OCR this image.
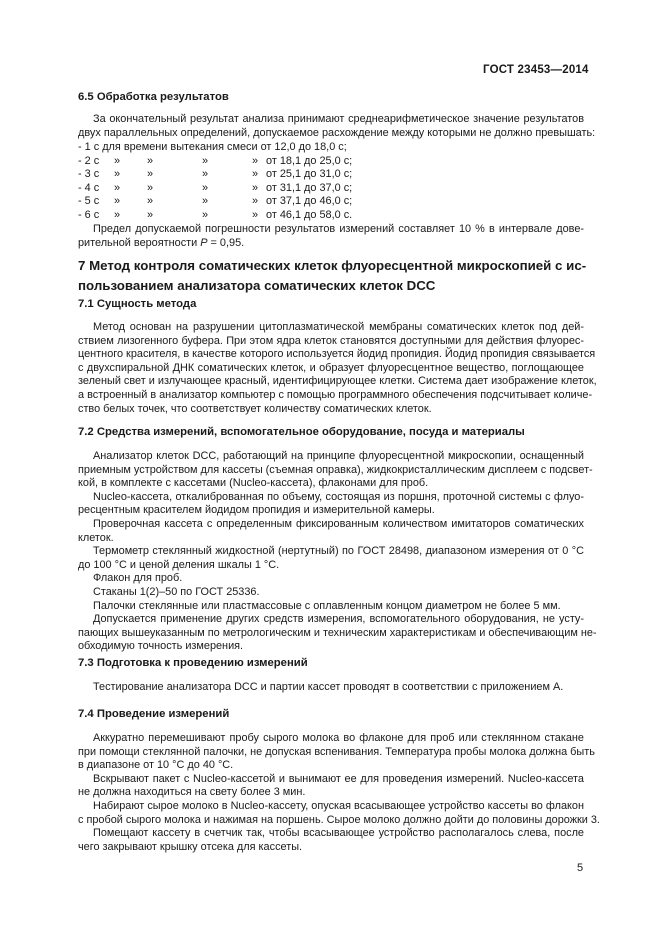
ГОСТ 23453—2014
6.5 Обработка результатов
За окончательный результат анализа принимают среднеарифметическое значение результатов
двух параллельных определений, допускаемое расхождение между которыми не должно превышать:
- 1 с для времени вытекания смеси от 12,0 до 18,0 с;
- 2 с » »	»	» от 18,1 до 25,0 с;
- 3 с » »	»	» от 25,1 до 31,0 с;
- 4 с » »	»	» от 31,1 до 37,0 с;
- 5 с » »	»	» от 37,1 до 46,0 с;
- 6 с » »	»	» от 46,1 до 58,0 с.
Предел допускаемой погрешности результатов измерений составляет 10 % в интервале дове-
рительной вероятности P = 0,95.
7 Метод контроля соматических клеток флуоресцентной микроскопией с ис-
пользованием анализатора соматических клеток DCC
7.1 Сущность метода
Метод основан на разрушении цитоплазматической мембраны соматических клеток под дей-
ствием лизогенного буфера. При этом ядра клеток становятся доступными для действия флуорес-
центного красителя, в качестве которого используется йодид пропидия. Йодид пропидия связывается
с двухспиральной ДНК соматических клеток, и образует флуоресцентное вещество, поглощающее
зеленый свет и излучающее красный, идентифицирующее клетки. Система дает изображение клеток,
а встроенный в анализатор компьютер с помощью программного обеспечения подсчитывает количе-
ство белых точек, что соответствует количеству соматических клеток.
7.2 Средства измерений, вспомогательное оборудование, посуда и материалы
Анализатор клеток DCC, работающий на принципе флуоресцентной микроскопии, оснащенный
приемным устройством для кассеты (съемная оправка), жидкокристаллическим дисплеем с подсвет-
кой, в комплекте с кассетами (Nucleo-кассета), флаконами для проб.
Nucleo-кассета, откалиброванная по объему, состоящая из поршня, проточной системы с флуо-
ресцентным красителем йодидом пропидия и измерительной камеры.
Проверочная кассета с определенным фиксированным количеством имитаторов соматических
клеток.
Термометр стеклянный жидкостной (нертутный) по ГОСТ 28498, диапазоном измерения от 0 °С
до 100 °С и ценой деления шкалы 1 °С.
Флакон для проб.
Стаканы 1(2)–50 по ГОСТ 25336.
Палочки стеклянные или пластмассовые с оплавленным концом диаметром не более 5 мм.
Допускается применение других средств измерения, вспомогательного оборудования, не усту-
пающих вышеуказанным по метрологическим и техническим характеристикам и обеспечивающим не-
обходимую точность измерения.
7.3 Подготовка к проведению измерений
Тестирование анализатора DCC и партии кассет проводят в соответствии с приложением А.
7.4 Проведение измерений
Аккуратно перемешивают пробу сырого молока во флаконе для проб или стеклянном стакане
при помощи стеклянной палочки, не допуская вспенивания. Температура пробы молока должна быть
в диапазоне от 10 °С до 40 °С.
Вскрывают пакет с Nucleo-кассетой и вынимают ее для проведения измерений. Nucleo-кассета
не должна находиться на свету более 3 мин.
Набирают сырое молоко в Nucleo-кассету, опуская всасывающее устройство кассеты во флакон
с пробой сырого молока и нажимая на поршень. Сырое молоко должно дойти до половины дорожки 3.
Помещают кассету в счетчик так, чтобы всасывающее устройство располагалось слева, после
чего закрывают крышку отсека для кассеты.
5
